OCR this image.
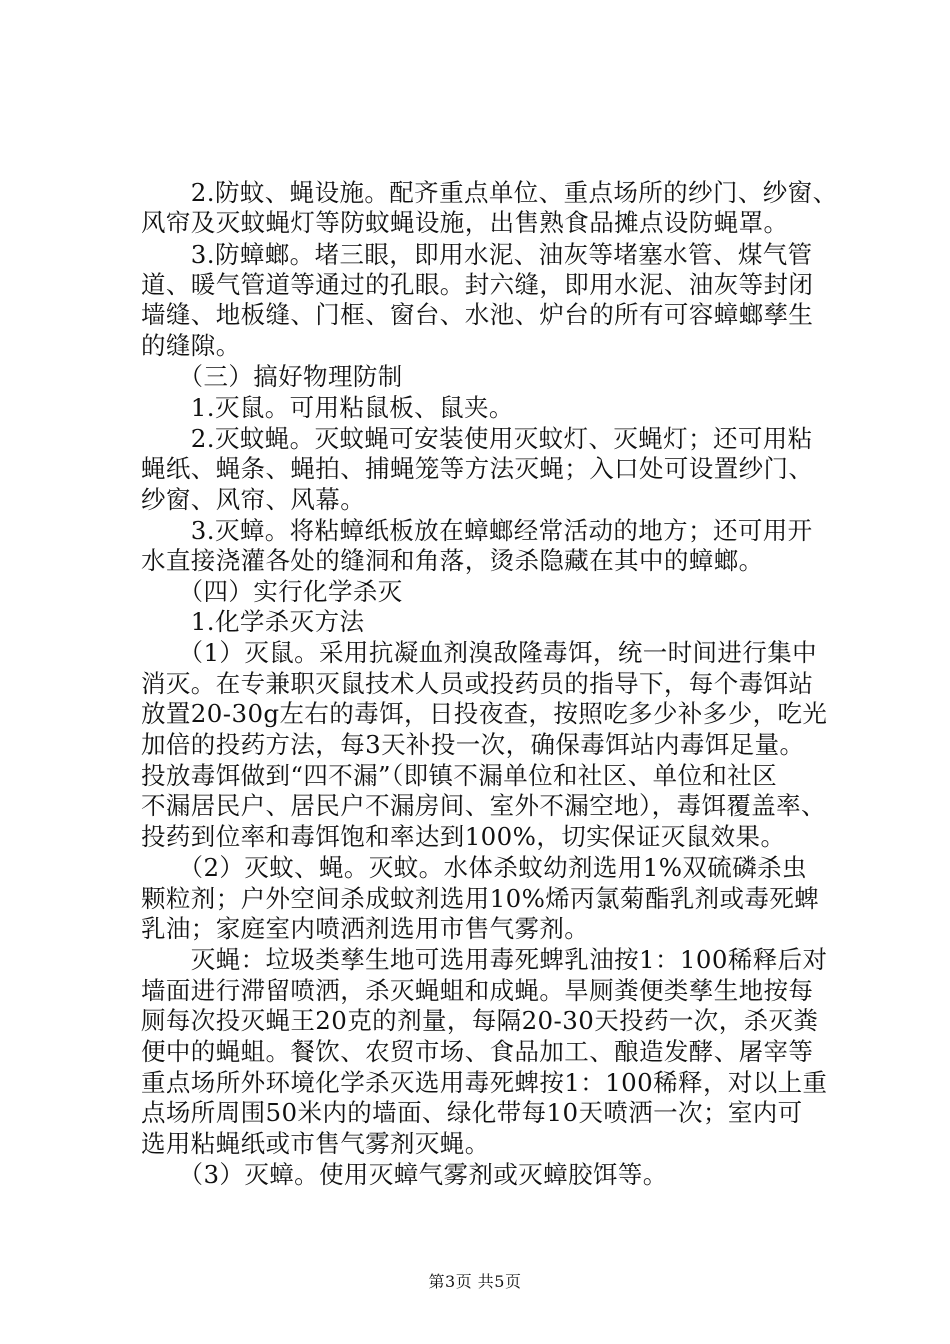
　　2.防蚊、蝇设施。配齐重点单位、重点场所的纱门、纱窗、
风帘及灭蚊蝇灯等防蚊蝇设施，出售熟食品摊点设防蝇罩。
　　3.防蟑螂。堵三眼，即用水泥、油灰等堵塞水管、煤气管
道、暖气管道等通过的孔眼。封六缝，即用水泥、油灰等封闭
墙缝、地板缝、门框、窗台、水池、炉台的所有可容蟑螂孳生
的缝隙。
　　（三）搞好物理防制
　　1.灭鼠。可用粘鼠板、鼠夹。
　　2.灭蚊蝇。灭蚊蝇可安装使用灭蚊灯、灭蝇灯；还可用粘
蝇纸、蝇条、蝇拍、捕蝇笼等方法灭蝇；入口处可设置纱门、
纱窗、风帘、风幕。
　　3.灭蟑。将粘蟑纸板放在蟑螂经常活动的地方；还可用开
水直接浇灌各处的缝洞和角落，烫杀隐藏在其中的蟑螂。
　　（四）实行化学杀灭
　　1.化学杀灭方法
　　（1）灭鼠。采用抗凝血剂溴敌隆毒饵，统一时间进行集中
消灭。在专兼职灭鼠技术人员或投药员的指导下，每个毒饵站
放置20-30g左右的毒饵，日投夜查，按照吃多少补多少，吃光
加倍的投药方法，每3天补投一次，确保毒饵站内毒饵足量。
投放毒饵做到“四不漏”（即镇不漏单位和社区、单位和社区
不漏居民户、居民户不漏房间、室外不漏空地），毒饵覆盖率、
投药到位率和毒饵饱和率达到100%，切实保证灭鼠效果。
　　（2）灭蚊、蝇。灭蚊。水体杀蚊幼剂选用1%双硫磷杀虫
颗粒剂；户外空间杀成蚊剂选用10%烯丙氯菊酯乳剂或毒死蜱
乳油；家庭室内喷洒剂选用市售气雾剂。
　　灭蝇：垃圾类孳生地可选用毒死蜱乳油按1：100稀释后对
墙面进行滞留喷洒，杀灭蝇蛆和成蝇。旱厕粪便类孳生地按每
厕每次投灭蝇王20克的剂量，每隔20-30天投药一次，杀灭粪
便中的蝇蛆。餐饮、农贸市场、食品加工、酿造发酵、屠宰等
重点场所外环境化学杀灭选用毒死蜱按1：100稀释，对以上重
点场所周围50米内的墙面、绿化带每10天喷洒一次；室内可
选用粘蝇纸或市售气雾剂灭蝇。
　　（3）灭蟑。使用灭蟑气雾剂或灭蟑胶饵等。
第3页 共5页
